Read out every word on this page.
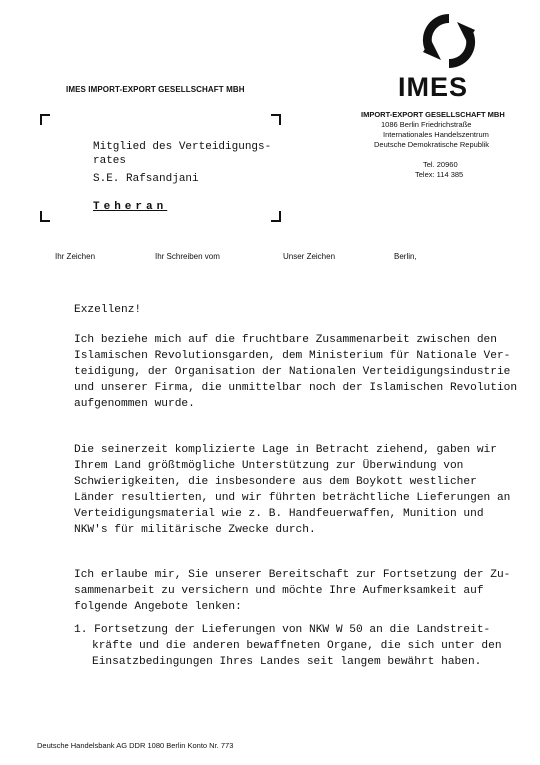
IMES IMPORT-EXPORT GESELLSCHAFT MBH	IMES
IMPORT-EXPORT GESELLSCHAFT MBH
1086 Berlin Friedrichstraße
Internationales Handelszentrum
Deutsche Demokratische Republik
Tel. 20960
Telex: 114 385
Mitglied des Verteidigungs-
rates
S.E. Rafsandjani
Teheran
Ihr Zeichen	Ihr Schreiben vom	Unser Zeichen	Berlin,
Exzellenz!
Ich beziehe mich auf die fruchtbare Zusammenarbeit zwischen den
Islamischen Revolutionsgarden, dem Ministerium für Nationale Ver-
teidigung, der Organisation der Nationalen Verteidigungsindustrie
und unserer Firma, die unmittelbar noch der Islamischen Revolution
aufgenommen wurde.
Die seinerzeit komplizierte Lage in Betracht ziehend, gaben wir
Ihrem Land größtmögliche Unterstützung zur Überwindung von
Schwierigkeiten, die insbesondere aus dem Boykott westlicher
Länder resultierten, und wir führten beträchtliche Lieferungen an
Verteidigungsmaterial wie z. B. Handfeuerwaffen, Munition und
NKW's für militärische Zwecke durch.
Ich erlaube mir, Sie unserer Bereitschaft zur Fortsetzung der Zu-
sammenarbeit zu versichern und möchte Ihre Aufmerksamkeit auf
folgende Angebote lenken:
1. Fortsetzung der Lieferungen von NKW W 50 an die Landstreit-
kräfte und die anderen bewaffneten Organe, die sich unter den
Einsatzbedingungen Ihres Landes seit langem bewährt haben.
Deutsche Handelsbank AG DDR 1080 Berlin Konto Nr. 773
